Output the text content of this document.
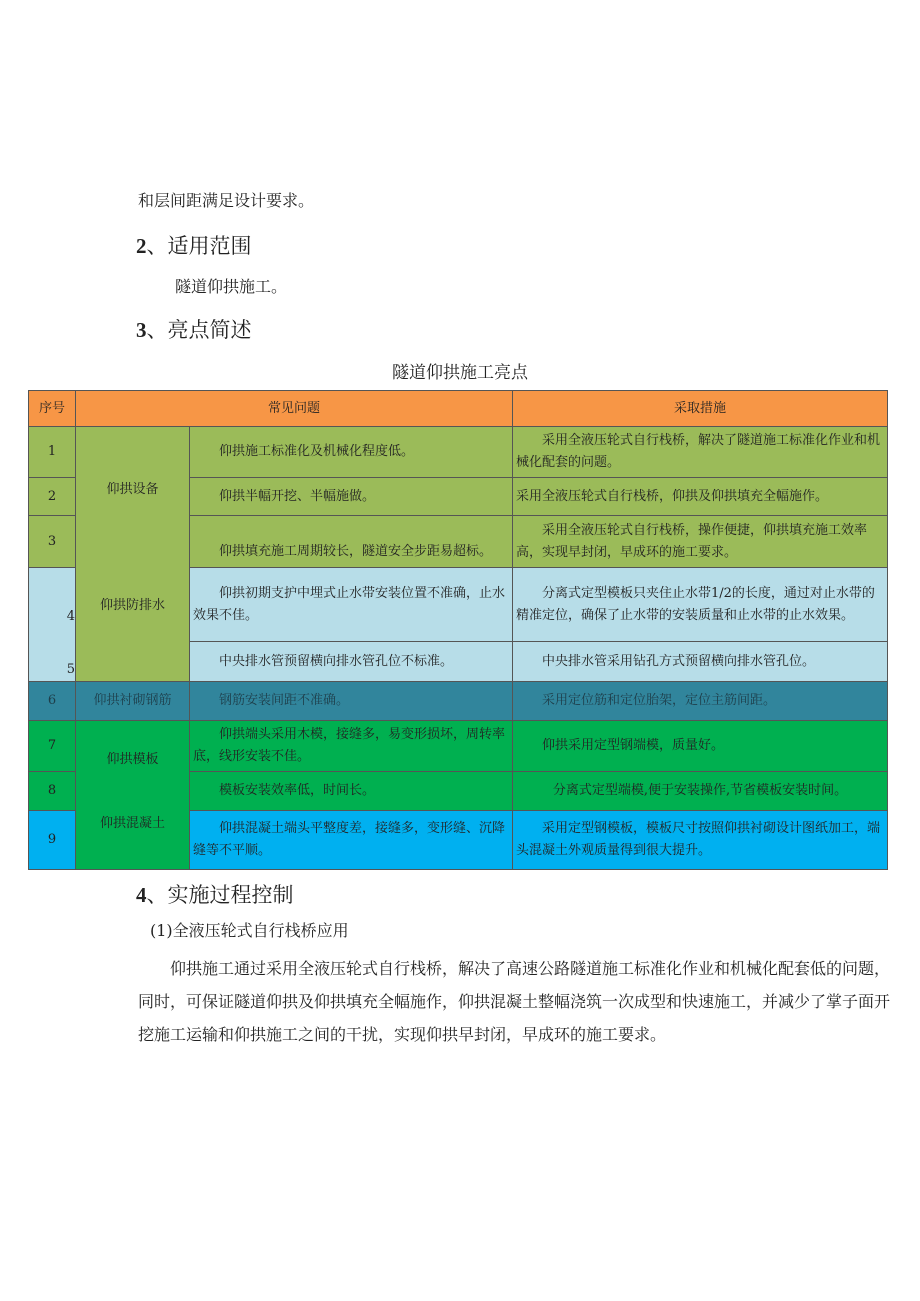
和层间距满足设计要求。
2、适用范围
隧道仰拱施工。
3、亮点简述
隧道仰拱施工亮点
序号	常见问题	采取措施
1
2
3
4
5
6
7
8
9
仰拱设备
仰拱防排水
仰拱衬砌钢筋
仰拱模板
仰拱混凝土
仰拱施工标准化及机械化程度低。
仰拱半幅开挖、半幅施做。
仰拱填充施工周期较长，隧道安全步距易超标。
仰拱初期支护中埋式止水带安装位置不准确，止水效果不佳。
中央排水管预留横向排水管孔位不标准。
钢筋安装间距不准确。
仰拱端头采用木模，接缝多，易变形损坏，周转率底，线形安装不佳。
模板安装效率低，时间长。
仰拱混凝土端头平整度差，接缝多，变形缝、沉降缝等不平顺。
采用全液压轮式自行栈桥，解决了隧道施工标准化作业和机械化配套的问题。
采用全液压轮式自行栈桥，仰拱及仰拱填充全幅施作。
采用全液压轮式自行栈桥，操作便捷，仰拱填充施工效率高，实现早封闭，早成环的施工要求。
分离式定型模板只夹住止水带1/2的长度，通过对止水带的精准定位，确保了止水带的安装质量和止水带的止水效果。
中央排水管采用钻孔方式预留横向排水管孔位。
采用定位筋和定位胎架，定位主筋间距。
仰拱采用定型钢端模，质量好。
分离式定型端模,便于安装操作,节省模板安装时间。
采用定型钢模板，模板尺寸按照仰拱衬砌设计图纸加工，端头混凝土外观质量得到很大提升。
4、实施过程控制
(1)全液压轮式自行栈桥应用
仰拱施工通过采用全液压轮式自行栈桥，解决了高速公路隧道施工标准化作业和机械化配套低的问题，同时，可保证隧道仰拱及仰拱填充全幅施作，仰拱混凝土整幅浇筑一次成型和快速施工，并减少了掌子面开挖施工运输和仰拱施工之间的干扰，实现仰拱早封闭，早成环的施工要求。
